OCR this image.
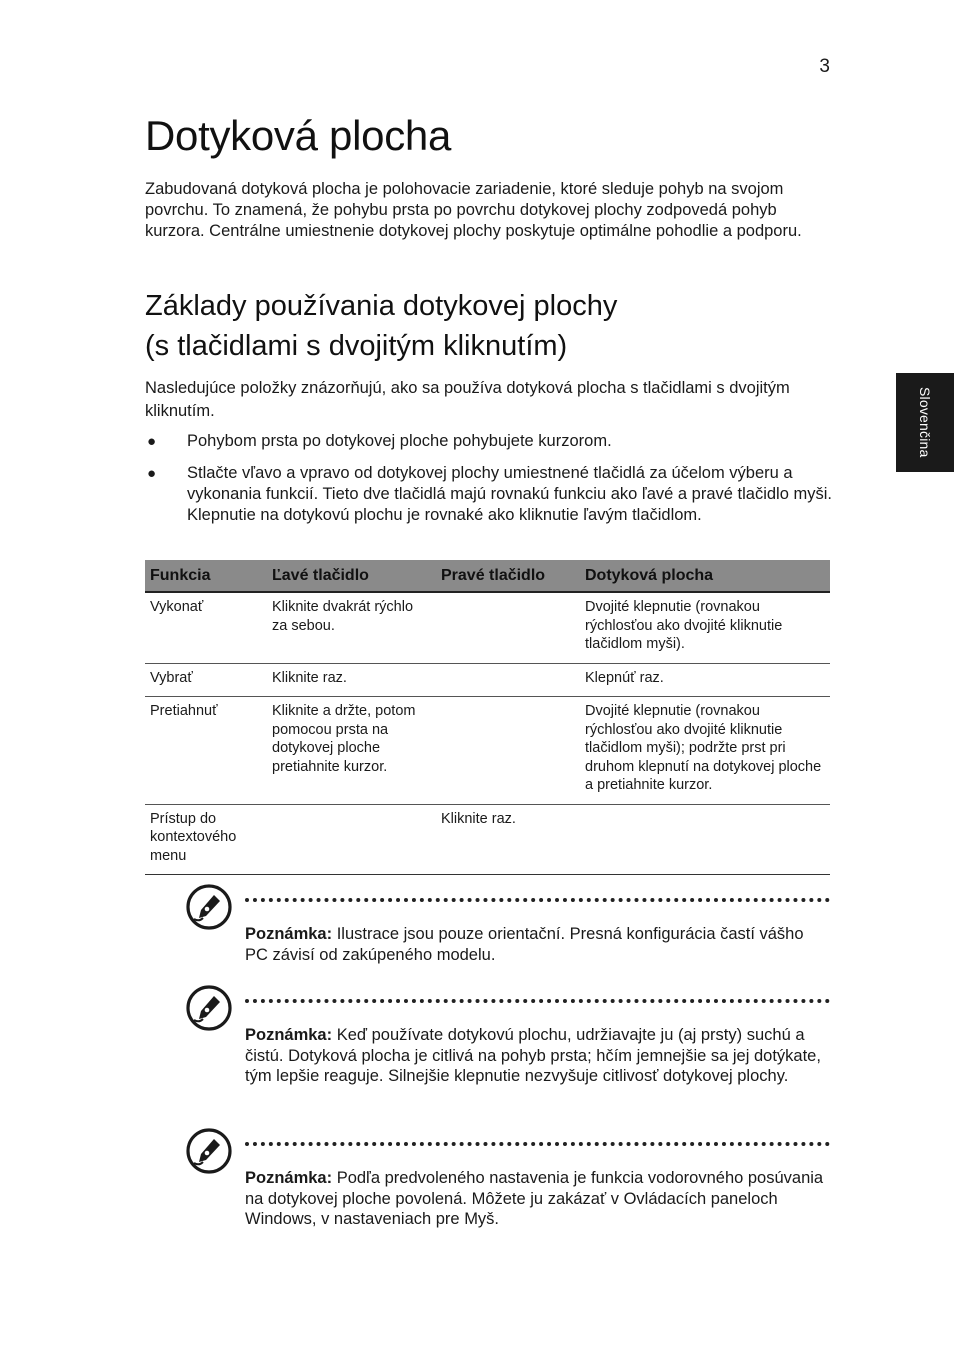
3
Slovenčina
Dotyková plocha

Zabudovaná dotyková plocha je polohovacie zariadenie, ktoré sleduje pohyb na svojom povrchu. To znamená, že pohybu prsta po povrchu dotykovej plochy zodpovedá pohyb kurzora. Centrálne umiestnenie dotykovej plochy poskytuje optimálne pohodlie a podporu.

Základy používania dotykovej plochy
(s tlačidlami s dvojitým kliknutím)

Nasledujúce položky znázorňujú, ako sa používa dotyková plocha s tlačidlami s dvojitým kliknutím.

● Pohybom prsta po dotykovej ploche pohybujete kurzorom.
● Stlačte vľavo a vpravo od dotykovej plochy umiestnené tlačidlá za účelom výberu a vykonania funkcií. Tieto dve tlačidlá majú rovnakú funkciu ako ľavé a pravé tlačidlo myši. Klepnutie na dotykovú plochu je rovnaké ako kliknutie ľavým tlačidlom.
Funkcia	Ľavé tlačidlo	Pravé tlačidlo	Dotyková plocha
Vykonať	Kliknite dvakrát rýchlo za sebou.		Dvojité klepnutie (rovnakou rýchlosťou ako dvojité kliknutie tlačidlom myši).
Vybrať	Kliknite raz.		Klepnúť raz.
Pretiahnuť	Kliknite a držte, potom pomocou prsta na dotykovej ploche pretiahnite kurzor.		Dvojité klepnutie (rovnakou rýchlosťou ako dvojité kliknutie tlačidlom myši); podržte prst pri druhom klepnutí na dotykovej ploche a pretiahnite kurzor.
Prístup do kontextového menu		Kliknite raz.	

Poznámka: Ilustrace jsou pouze orientační. Presná konfigurácia častí vášho PC závisí od zakúpeného modelu.

Poznámka: Keď používate dotykovú plochu, udržiavajte ju (aj prsty) suchú a čistú. Dotyková plocha je citlivá na pohyb prsta; hčím jemnejšie sa jej dotýkate, tým lepšie reaguje. Silnejšie klepnutie nezvyšuje citlivosť dotykovej plochy.

Poznámka: Podľa predvoleného nastavenia je funkcia vodorovného posúvania na dotykovej ploche povolená. Môžete ju zakázať v Ovládacích paneloch Windows, v nastaveniach pre Myš.
